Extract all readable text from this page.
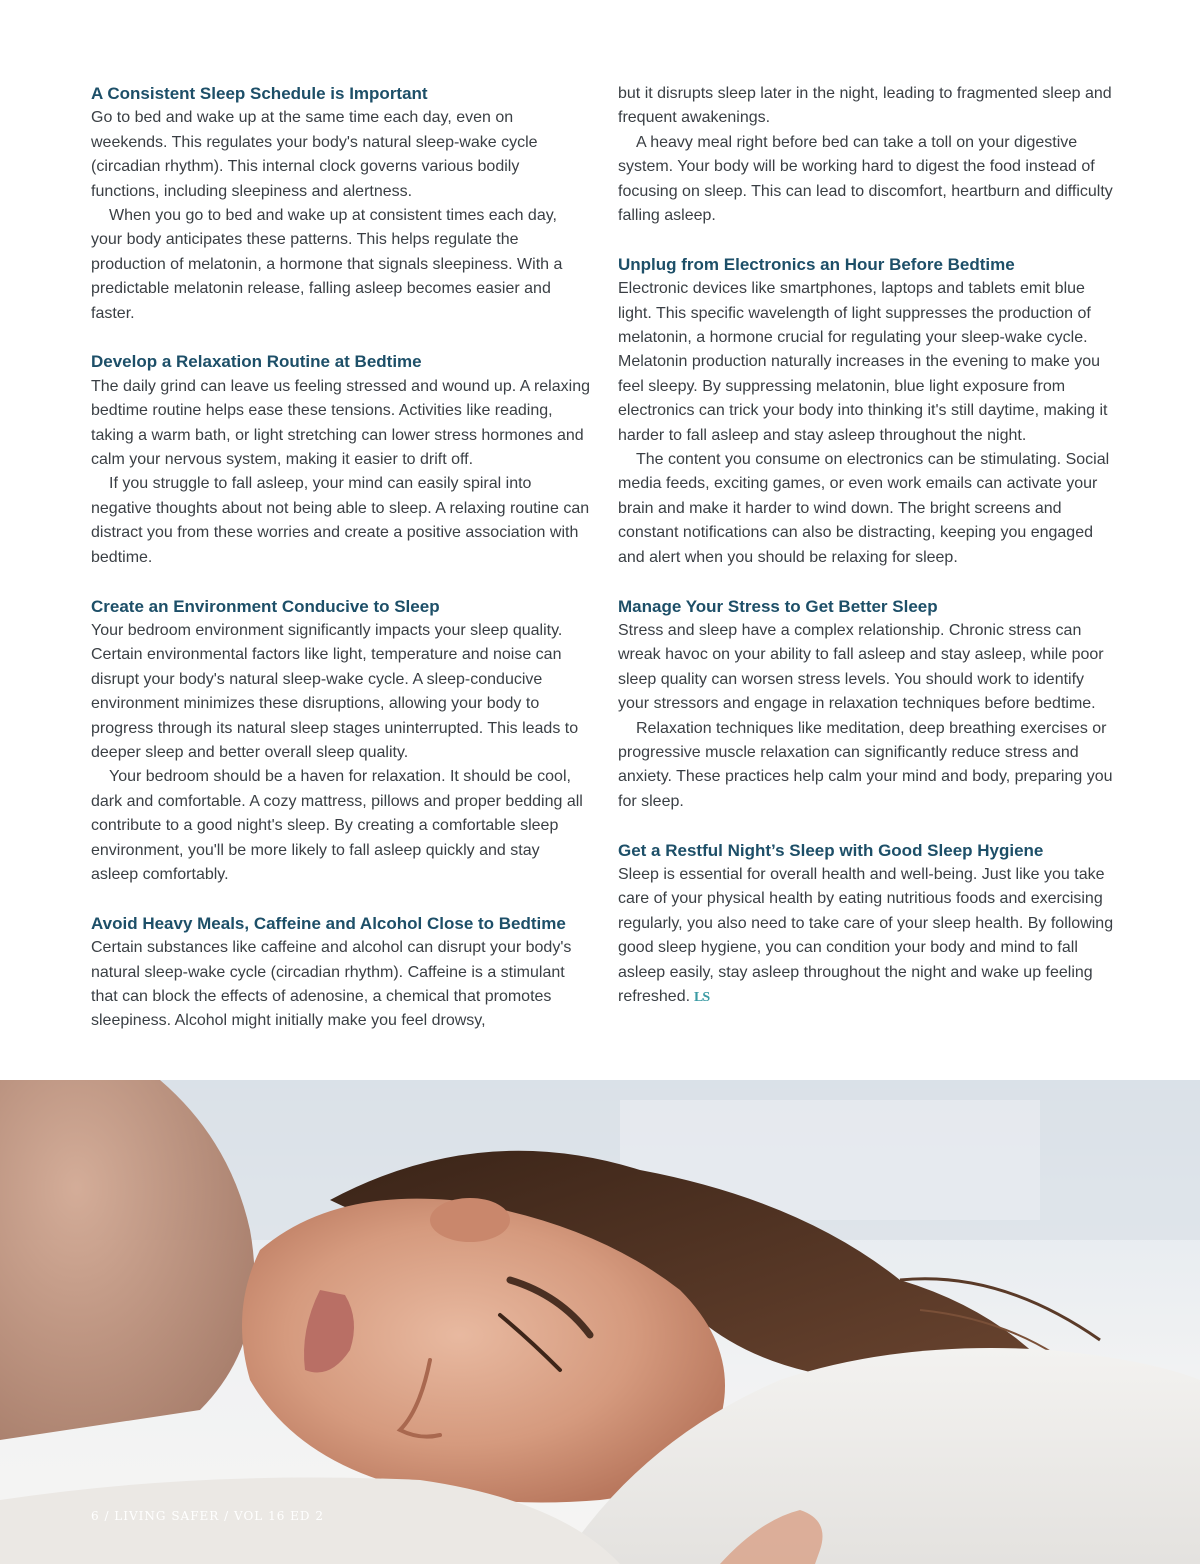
A Consistent Sleep Schedule is Important

Go to bed and wake up at the same time each day, even on weekends. This regulates your body's natural sleep-wake cycle (circadian rhythm). This internal clock governs various bodily functions, including sleepiness and alertness.

When you go to bed and wake up at consistent times each day, your body anticipates these patterns. This helps regulate the production of melatonin, a hormone that signals sleepiness. With a predictable melatonin release, falling asleep becomes easier and faster.

Develop a Relaxation Routine at Bedtime

The daily grind can leave us feeling stressed and wound up. A relaxing bedtime routine helps ease these tensions. Activities like reading, taking a warm bath, or light stretching can lower stress hormones and calm your nervous system, making it easier to drift off.

If you struggle to fall asleep, your mind can easily spiral into negative thoughts about not being able to sleep. A relaxing routine can distract you from these worries and create a positive association with bedtime.

Create an Environment Conducive to Sleep

Your bedroom environment significantly impacts your sleep quality. Certain environmental factors like light, temperature and noise can disrupt your body's natural sleep-wake cycle. A sleep-conducive environment minimizes these disruptions, allowing your body to progress through its natural sleep stages uninterrupted. This leads to deeper sleep and better overall sleep quality.

Your bedroom should be a haven for relaxation. It should be cool, dark and comfortable. A cozy mattress, pillows and proper bedding all contribute to a good night's sleep. By creating a comfortable sleep environment, you'll be more likely to fall asleep quickly and stay asleep comfortably.

Avoid Heavy Meals, Caffeine and Alcohol Close to Bedtime

Certain substances like caffeine and alcohol can disrupt your body's natural sleep-wake cycle (circadian rhythm). Caffeine is a stimulant that can block the effects of adenosine, a chemical that promotes sleepiness. Alcohol might initially make you feel drowsy,

but it disrupts sleep later in the night, leading to fragmented sleep and frequent awakenings.

A heavy meal right before bed can take a toll on your digestive system. Your body will be working hard to digest the food instead of focusing on sleep. This can lead to discomfort, heartburn and difficulty falling asleep.

Unplug from Electronics an Hour Before Bedtime

Electronic devices like smartphones, laptops and tablets emit blue light. This specific wavelength of light suppresses the production of melatonin, a hormone crucial for regulating your sleep-wake cycle. Melatonin production naturally increases in the evening to make you feel sleepy. By suppressing melatonin, blue light exposure from electronics can trick your body into thinking it's still daytime, making it harder to fall asleep and stay asleep throughout the night.

The content you consume on electronics can be stimulating. Social media feeds, exciting games, or even work emails can activate your brain and make it harder to wind down. The bright screens and constant notifications can also be distracting, keeping you engaged and alert when you should be relaxing for sleep.

Manage Your Stress to Get Better Sleep

Stress and sleep have a complex relationship. Chronic stress can wreak havoc on your ability to fall asleep and stay asleep, while poor sleep quality can worsen stress levels. You should work to identify your stressors and engage in relaxation techniques before bedtime.

Relaxation techniques like meditation, deep breathing exercises or progressive muscle relaxation can significantly reduce stress and anxiety. These practices help calm your mind and body, preparing you for sleep.

Get a Restful Night’s Sleep with Good Sleep Hygiene

Sleep is essential for overall health and well-being. Just like you take care of your physical health by eating nutritious foods and exercising regularly, you also need to take care of your sleep health. By following good sleep hygiene, you can condition your body and mind to fall asleep easily, stay asleep throughout the night and wake up feeling refreshed. LS

6 / LIVING SAFER / VOL 16 ED 2
